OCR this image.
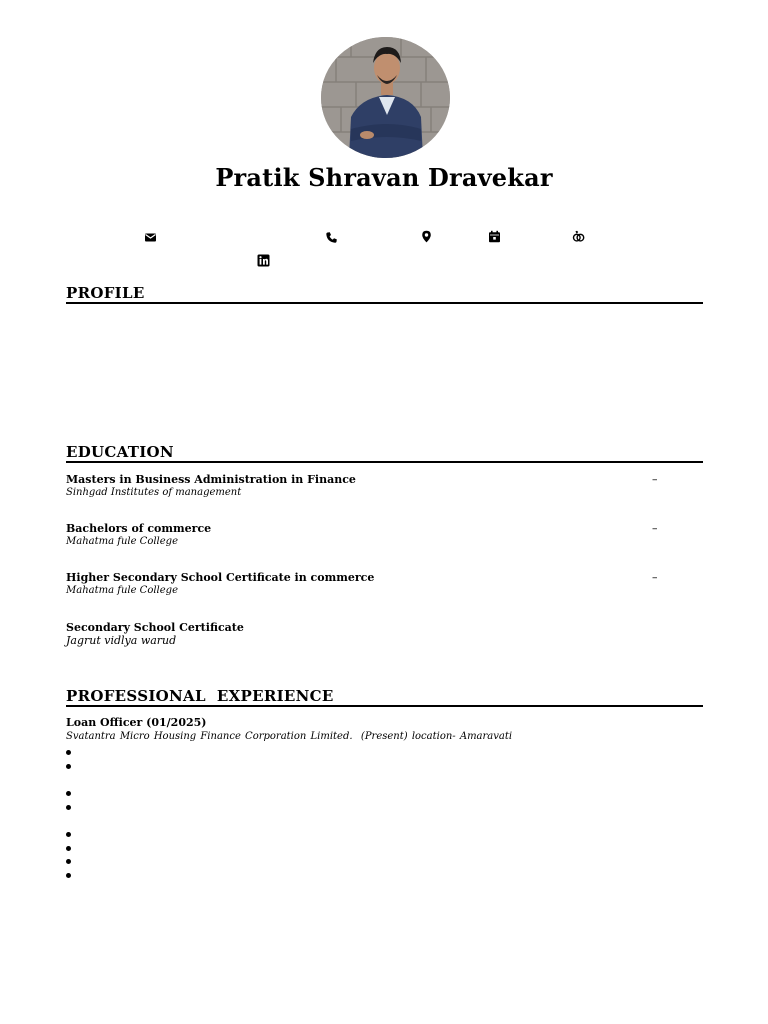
Pratik Shravan Dravekar
PROFILE
EDUCATION
Masters in Business Administration in Finance	–
Sinhgad Institutes of management
Bachelors of commerce	–
Mahatma fule College
Higher Secondary School Certificate in commerce	–
Mahatma fule College
Secondary School Certificate
Jagrut vidlya warud
PROFESSIONAL  EXPERIENCE
Loan Officer (01/2025)
Svatantra Micro Housing Finance Corporation Limited.  (Present) location- Amaravati
